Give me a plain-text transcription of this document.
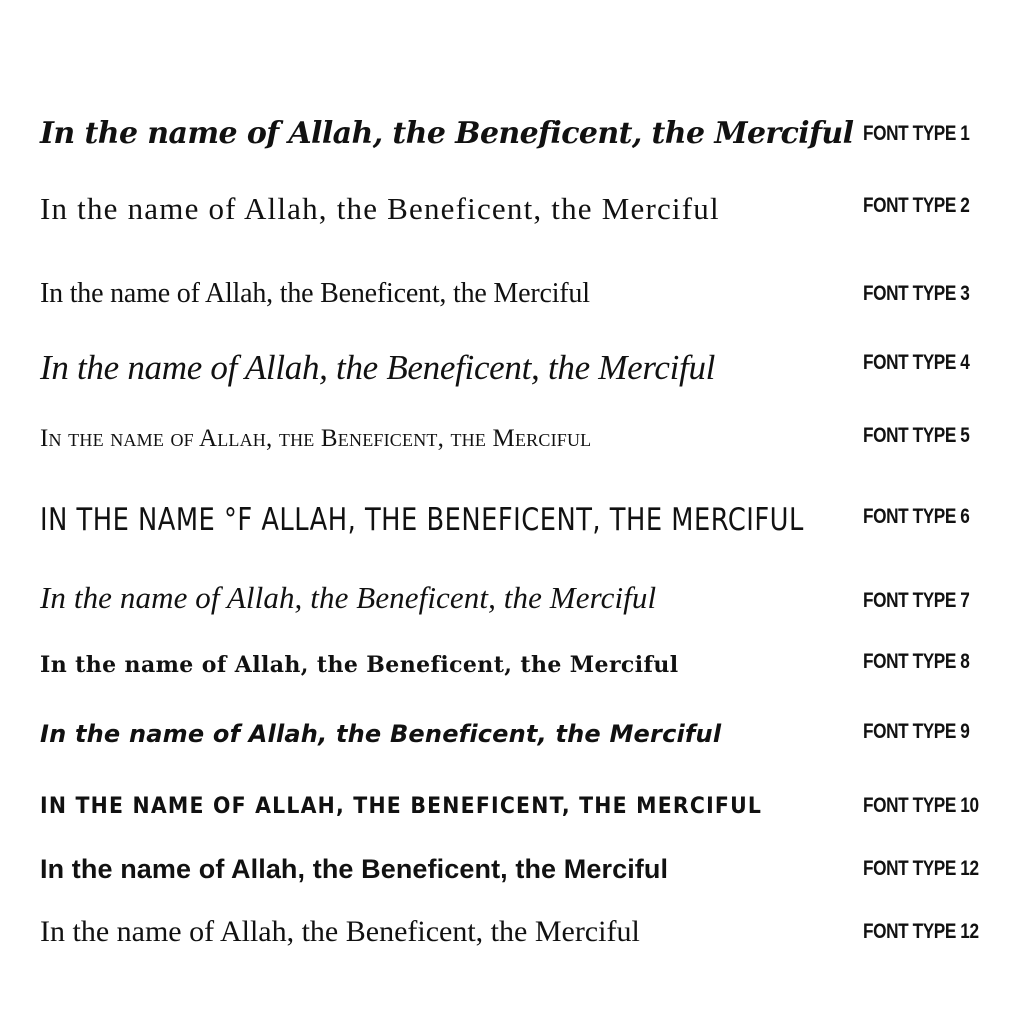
In the name of Allah, the Beneficent, the Merciful FONT TYPE 1
In the name of Allah, the Beneficent, the Merciful	FONT TYPE 2
In the name of Allah, the Beneficent, the Merciful	FONT TYPE 3
In the name of Allah, the Beneficent, the Merciful	FONT TYPE 4
In the name of Allah, the Beneficent, the Merciful	FONT TYPE 5
IN THE NAME °F ALLAH, THE BENEFICENT, THE MERCIFUL	FONT TYPE 6
In the name of Allah, the Beneficent, the Merciful	FONT TYPE 7
In the name of Allah, the Beneficent, the Merciful	FONT TYPE 8
In the name of Allah, the Beneficent, the Merciful	FONT TYPE 9
IN THE NAME OF ALLAH, THE BENEFICENT, THE MERCIFUL	FONT TYPE 10
In the name of Allah, the Beneficent, the Merciful	FONT TYPE 12
In the name of Allah, the Beneficent, the Merciful	FONT TYPE 12
